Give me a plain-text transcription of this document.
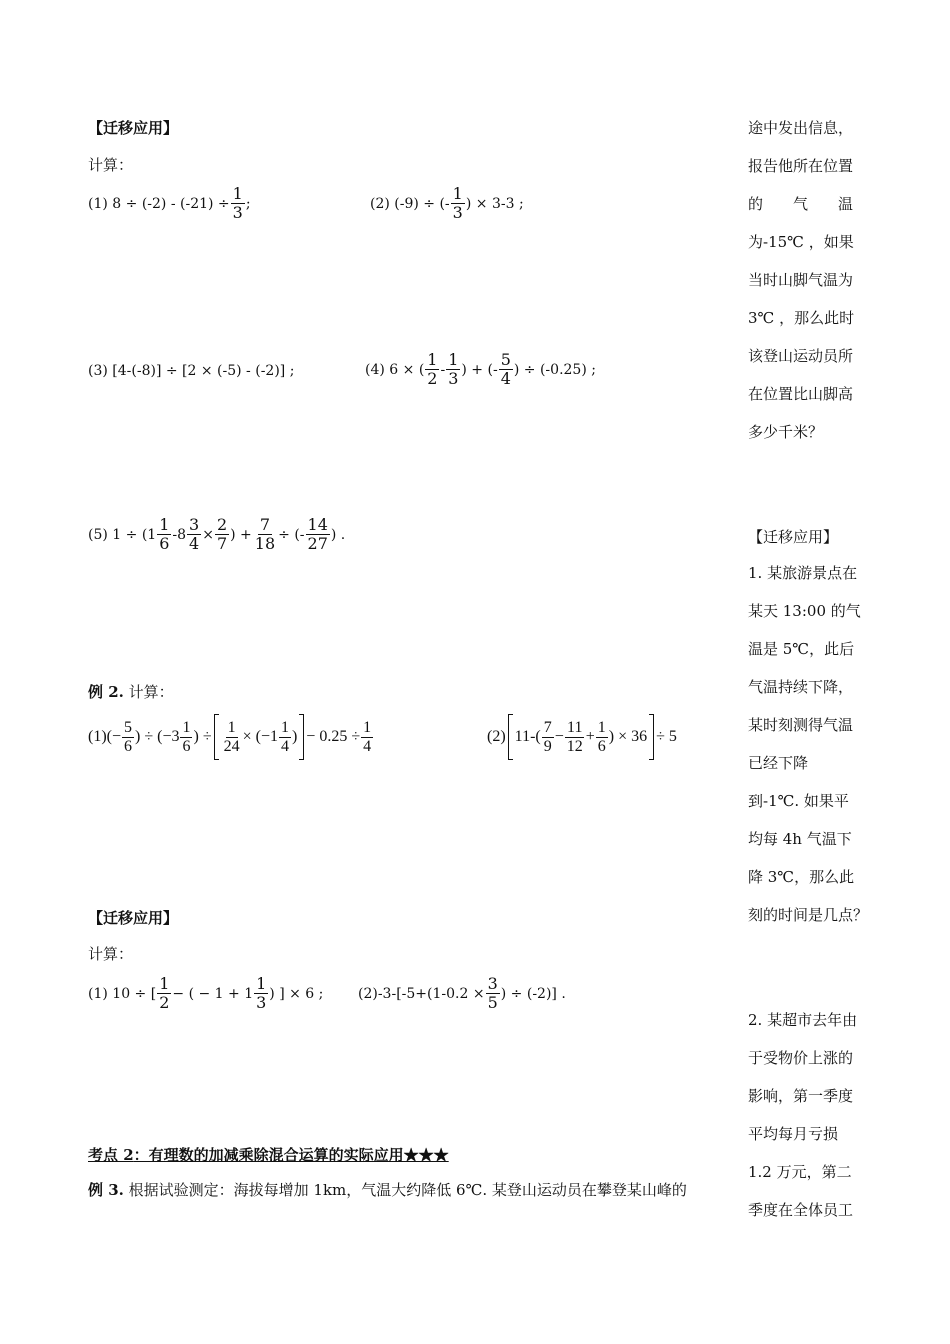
【迁移应用】
计算：
(1) $8 \div (-2) - (-21) \div \frac{1}{3}$ ;	(2) (-9) ÷ (- $\frac{1}{3}$ ) × 3-3 ;
(3) [4-(-8)] ÷ [2 × (-5) - (-2)] ;	(4) 6 × ( $\frac{1}{2} - \frac{1}{3}$ ) + (- $\frac{5}{4}$ ) ÷ (-0.25) ;
(5) $1 \div (1 \frac{1}{6} -8 \frac{3}{4} \times \frac{2}{7}$ ) + $\frac{7}{18}$ ÷ (- $\frac{14}{27}$ ) .
例 2. 计算：
$(1)(- \frac{5}{6}$ ) ÷ ($-3 \frac{1}{6}$ ) ÷ $\frac{1}{24} \times (-1 \frac{1}{4}$ ) − $0.25 \div \frac{1}{4}$	(2) $11-( \frac{7}{9} - \frac{11}{12} + \frac{1}{6}$ ) × 36 ÷ 5
【迁移应用】
计算：
(1) 10 ÷ [ $\frac{1}{2}$ − ( − $1 + 1 \frac{1}{3}$ ) ] × 6 ; $(2)-3-[-5+(1-0.2 \times \frac{3}{5}$ ) ÷ (-2)] .
考点 2：有理数的加减乘除混合运算的实际应用★★★
例 3. 根据试验测定：海拔每增加 1km，气温大约降低 6℃. 某登山运动员在攀登某山峰的
途中发出信息，
报告他所在位置
的　　气　　温
为-15℃ ，如果
当时山脚气温为
3℃ ，那么此时
该登山运动员所
在位置比山脚高
多少千米？
【迁移应用】
1. 某旅游景点在
某天 13:00 的气
温是 5℃，此后
气温持续下降，
某时刻测得气温
已经下降
到-1℃. 如果平
均每 4h 气温下
降 3℃，那么此
刻的时间是几点？
2. 某超市去年由
于受物价上涨的
影响，第一季度
平均每月亏损
1.2 万元，第二
季度在全体员工
